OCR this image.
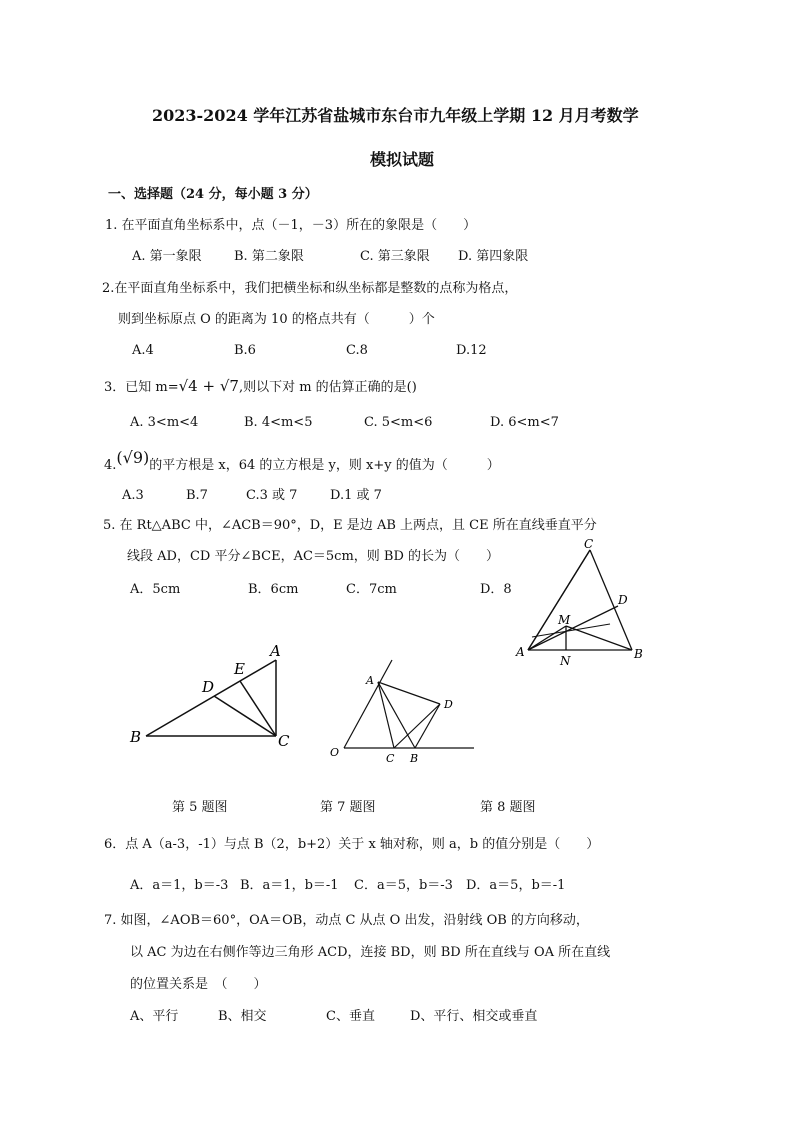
2023-2024 学年江苏省盐城市东台市九年级上学期 12 月月考数学
模拟试题
一、选择题（24 分，每小题 3 分）
1. 在平面直角坐标系中，点（－1，－3）所在的象限是（　　）
A. 第一象限 B. 第二象限	C. 第三象限 D. 第四象限
2.在平面直角坐标系中，我们把横坐标和纵坐标都是整数的点称为格点，
则到坐标原点 O 的距离为 10 的格点共有（　　　）个
A.4	B.6	C.8	D.12
3．已知 m=√4 + √7,则以下对 m 的估算正确的是()
A. 3<m<4	B. 4<m<5	C. 5<m<6	D. 6<m<7
4.(√9)的平方根是 x，64 的立方根是 y，则 x+y 的值为（　　　）
A.3	B.7	C.3 或 7	D.1 或 7
5. 在 Rt△ABC 中，∠ACB＝90°，D，E 是边 AB 上两点，且 CE 所在直线垂直平分
线段 AD，CD 平分∠BCE，AC＝5cm，则 BD 的长为（　　）
A．5cm	B．6cm	C．7cm	D．8
C
D
M
A
N	B
A
E
D
B	C
A
D
O	C B
第 5 题图	第 7 题图	第 8 题图
6．点 A（a-3，-1）与点 B（2，b+2）关于 x 轴对称，则 a，b 的值分别是（　　）
A．a＝1，b＝-3 B．a＝1，b＝-1 C．a＝5，b＝-3 D．a＝5，b＝-1
7. 如图，∠AOB＝60°，OA＝OB，动点 C 从点 O 出发，沿射线 OB 的方向移动，
以 AC 为边在右侧作等边三角形 ACD，连接 BD，则 BD 所在直线与 OA 所在直线
的位置关系是　（　　）
A、平行	B、相交	C、垂直	D、平行、相交或垂直
